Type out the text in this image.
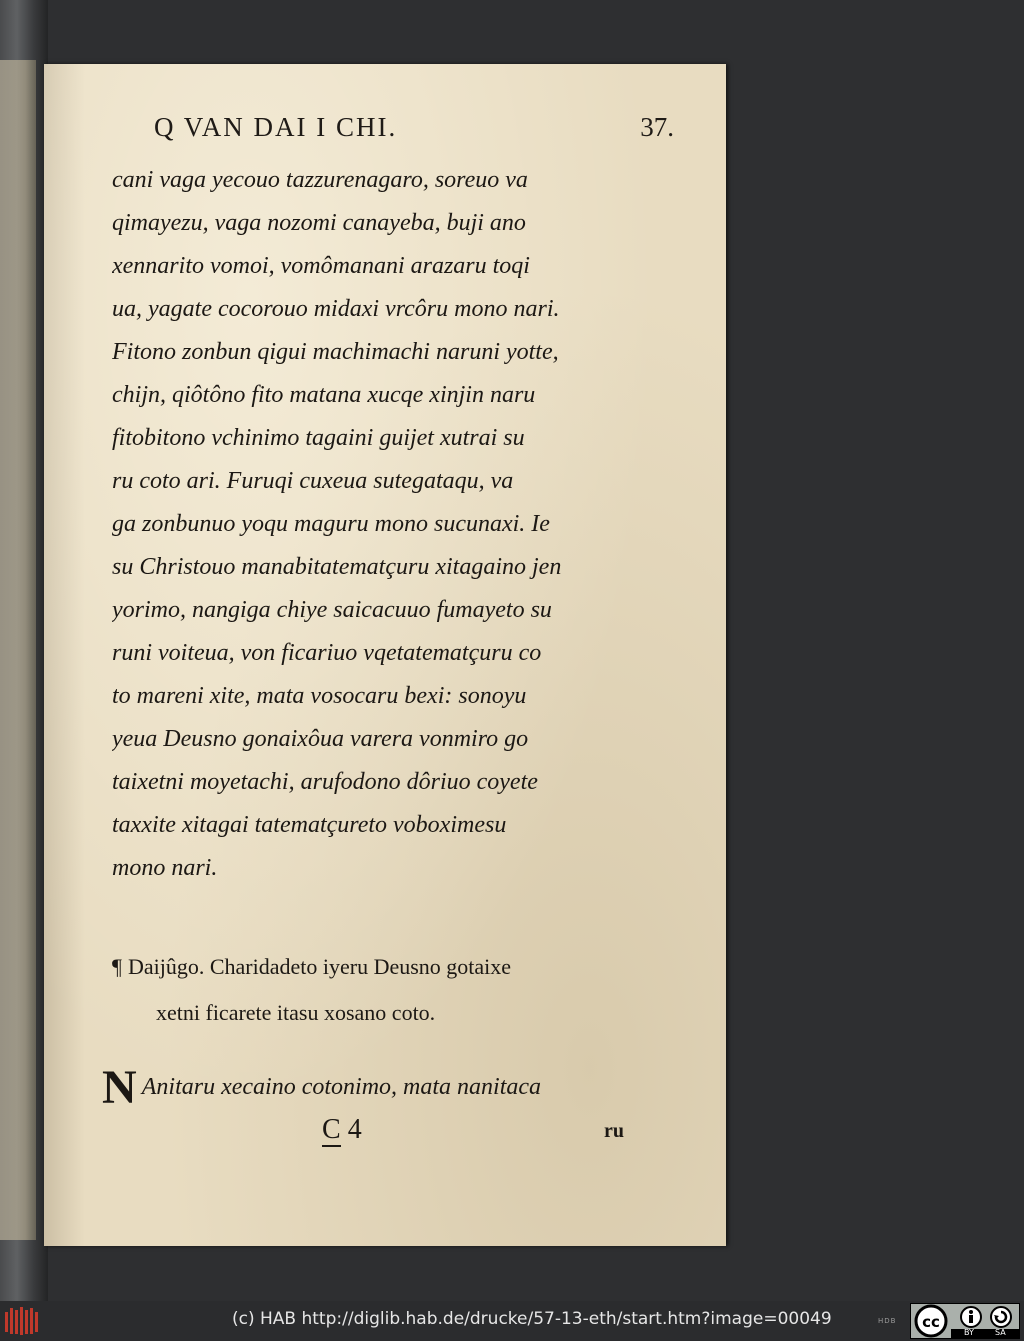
Q VAN DAI I CHI.	37.
cani vaga yecouo tazzurenagaro, soreuo va
qimayezu, vaga nozomi canayeba, buji ano
xennarito vomoi, vomômanani arazaru toqi
ua, yagate cocorouo midaxi vrcôru mono nari.
Fitono zonbun qigui machimachi naruni yotte,
chijn, qiôtôno fito matana xucqe xinjin naru
fitobitono vchinimo tagaini guijet xutrai su
ru coto ari. Furuqi cuxeua sutegataqu, va
ga zonbunuo yoqu maguru mono sucunaxi. Ie
su Christouo manabitatematçuru xitagaino jen
yorimo, nangiga chiye saicacuuo fumayeto su
runi voiteua, von ficariuo vqetatematçuru co
to mareni xite, mata vosocaru bexi: sonoyu
yeua Deusno gonaixôua varera vonmiro go
taixetni moyetachi, arufodono dôriuo coyete
taxxite xitagai tatematçureto voboximesu
mono nari.
¶ Daijûgo. Charidadeto iyeru Deusno gotaixe
xetni ficarete itasu xosano coto.
N Anitaru xecaino cotonimo, mata nanitaca
C 4	ru
(c) HAB http://diglib.hab.de/drucke/57-13-eth/start.htm?image=00049	HDB cc
BY	SA
